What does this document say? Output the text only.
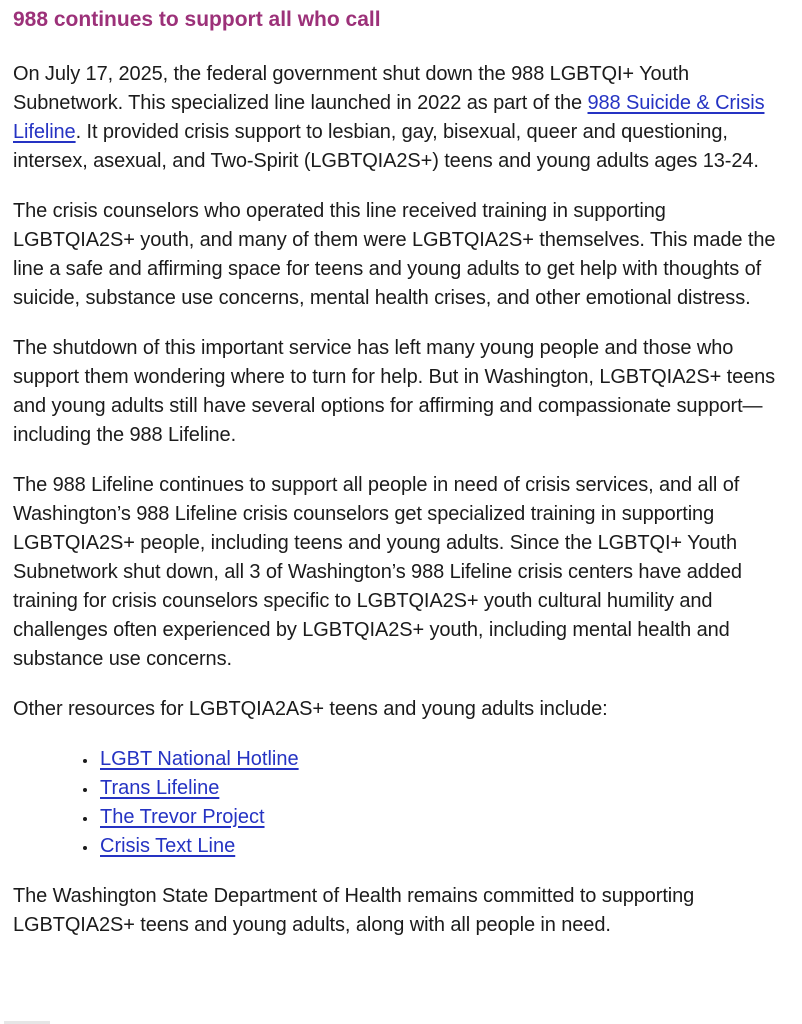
988 continues to support all who call

On July 17, 2025, the federal government shut down the 988 LGBTQI+ Youth Subnetwork. This specialized line launched in 2022 as part of the 988 Suicide & Crisis Lifeline. It provided crisis support to lesbian, gay, bisexual, queer and questioning, intersex, asexual, and Two-Spirit (LGBTQIA2S+) teens and young adults ages 13-24.

The crisis counselors who operated this line received training in supporting LGBTQIA2S+ youth, and many of them were LGBTQIA2S+ themselves. This made the line a safe and affirming space for teens and young adults to get help with thoughts of suicide, substance use concerns, mental health crises, and other emotional distress.

The shutdown of this important service has left many young people and those who support them wondering where to turn for help. But in Washington, LGBTQIA2S+ teens and young adults still have several options for affirming and compassionate support—including the 988 Lifeline.

The 988 Lifeline continues to support all people in need of crisis services, and all of Washington’s 988 Lifeline crisis counselors get specialized training in supporting LGBTQIA2S+ people, including teens and young adults. Since the LGBTQI+ Youth Subnetwork shut down, all 3 of Washington’s 988 Lifeline crisis centers have added training for crisis counselors specific to LGBTQIA2S+ youth cultural humility and challenges often experienced by LGBTQIA2S+ youth, including mental health and substance use concerns.

Other resources for LGBTQIA2AS+ teens and young adults include:

• LGBT National Hotline
• Trans Lifeline
• The Trevor Project
• Crisis Text Line

The Washington State Department of Health remains committed to supporting LGBTQIA2S+ teens and young adults, along with all people in need.
